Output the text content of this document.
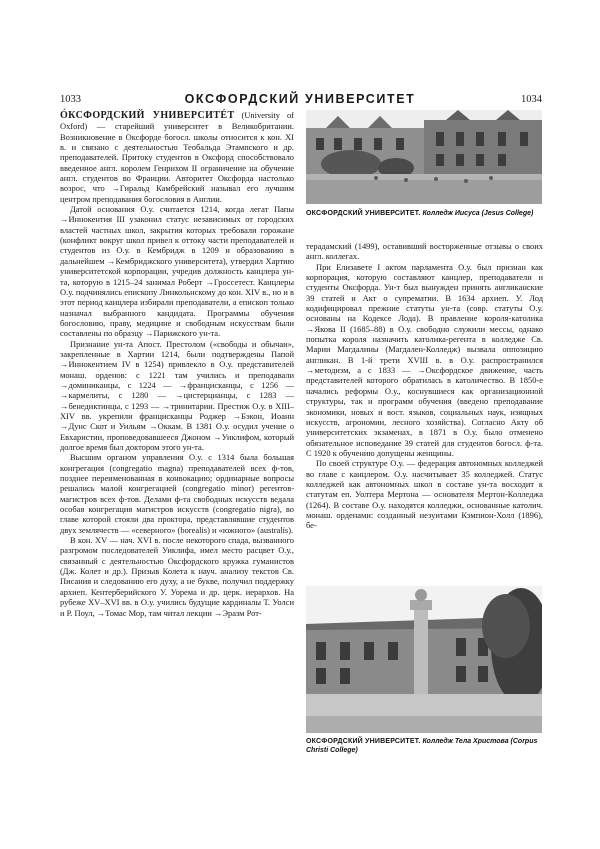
1033	ОКСФОРДСКИЙ УНИВЕРСИТЕТ	1034

ÓКСФОРДСКИЙ УНИВЕРСИТÉТ (University of Oxford) — старейший университет в Великобритании. Возникновение в Оксфорде богосл. школы относится к кон. XI в. и связано с деятельностью Теобальда Этампского и др. преподавателей. Притоку студентов в Оксфорд способствовало введенное англ. королем Генрихом II ограничение на обучение англ. студентов во Франции. Авторитет Оксфорда настолько возрос, что →Гиральд Камбрейский называл его лучшим центром преподавания богословия в Англии.

Датой основания О.у. считается 1214, когда легат Папы →Иннокентия III узаконил статус независимых от городских властей частных школ, закрытия которых требовали горожане (конфликт вокруг школ привел к оттоку части преподавателей и студентов из О.у. в Кембридж в 1209 и образованию в дальнейшем →Кембриджского университета), утвердил Хартию университетской корпорации, учредив должность канцлера ун-та, которую в 1215–24 занимал Роберт →Гроссетест. Канцлеры О.у. подчинялись епископу Линкольнскому до кон. XIV в., но и в этот период канцлера избирали преподаватели, а епископ только назначал выбранного кандидата. Программы обучения богословию, праву, медицине и свободным искусствам были составлены по образцу →Парижского ун-та.

Признание ун-та Апост. Престолом («свободы и обычаи», закрепленные в Хартии 1214, были подтверждены Папой →Иннокентием IV в 1254) привлекло в О.у. представителей монаш. орденов: с 1221 там учились и преподавали →доминиканцы, с 1224 — →францисканцы, с 1256 — →кармелиты, с 1280 — →цистерцианцы, с 1283 — →бенедиктинцы, с 1293 — →тринитарии. Престиж О.у. в XIII–XIV вв. укрепили францисканцы Роджер →Бэкон, Иоанн →Дунс Скот и Уильям →Оккам. В 1381 О.у. осудил учение о Евхаристии, проповедовавшееся Джоном →Уиклифом, который долгое время был доктором этого ун-та.

Высшим органом управления О.у. с 1314 была большая конгрегация (congregatio magna) преподавателей всех ф-тов, позднее переименованная в конвокацию; ординарные вопросы решались малой конгрегацией (congregatio minor) регентов-магистров всех ф-тов. Делами ф-та свободных искусств ведала особая конгрегация магистров искусств (congregatio nigra), во главе которой стояли два проктора, представлявшие студентов двух землячеств — «северного» (borealis) и «южного» (australis).

В кон. XV — нач. XVI в. после некоторого спада, вызванного разгромом последователей Уиклифа, имел место расцвет О.у., связанный с деятельностью Оксфордского кружка гуманистов (Дж. Колет и др.). Призыв Колета к науч. анализу текстов Св. Писания и следованию его духу, а не букве, получил поддержку архиеп. Кентерберийского У. Уорема и др. церк. иерархов. На рубеже XV–XVI вв. в О.у. учились будущие кардиналы Т. Уолси и Р. Поул, →Томас Мор, там читал лекции →Эразм Рот-

ОКСФОРДСКИЙ УНИВЕРСИТЕТ. Колледж Иисуса (Jesus College)

терадамский (1499), оставивший восторженные отзывы о своих англ. коллегах.

При Елизавете I актом парламента О.у. был признан как корпорация, которую составляют канцлер, преподаватели и студенты Оксфорда. Ун-т был вынужден принять англиканские 39 статей и Акт о супрематии. В 1634 архиеп. У. Лод кодифицировал прежние статуты ун-та (совр. статуты О.у. основаны на Кодексе Лода). В правление короля-католика →Якова II (1685–88) в О.у. свободно служили мессы, однако попытка короля назначить католика-регента в колледже Св. Марии Магдалины (Магдален-Колледж) вызвала оппозицию англикан. В 1-й трети XVIII в. в О.у. распространился →методизм, а с 1833 — →Оксфордское движение, часть представителей которого обратилась в католичество. В 1850-е начались реформы О.у., коснувшиеся как организационной структуры, так и программ обучения (введено преподавание экономики, новых и вост. языков, социальных наук, изящных искусств, агрономии, лесного хозяйства). Согласно Акту об университетских экзаменах, в 1871 в О.у. было отменено обязательное исповедание 39 статей для студентов богосл. ф-та. С 1920 к обучению допущены женщины.

По своей структуре О.у. — федерация автономных колледжей во главе с канцлером. О.у. насчитывает 35 колледжей. Статус колледжей как автономных школ в составе ун-та восходит к статутам еп. Уолтера Мертона — основателя Мертон-Колледжа (1264). В составе О.у. находятся колледжи, основанные католич. монаш. орденами: созданный иезуитами Кэмпион-Холл (1896), бе-

ОКСФОРДСКИЙ УНИВЕРСИТЕТ. Колледж Тела Христова (Corpus Christi College)
